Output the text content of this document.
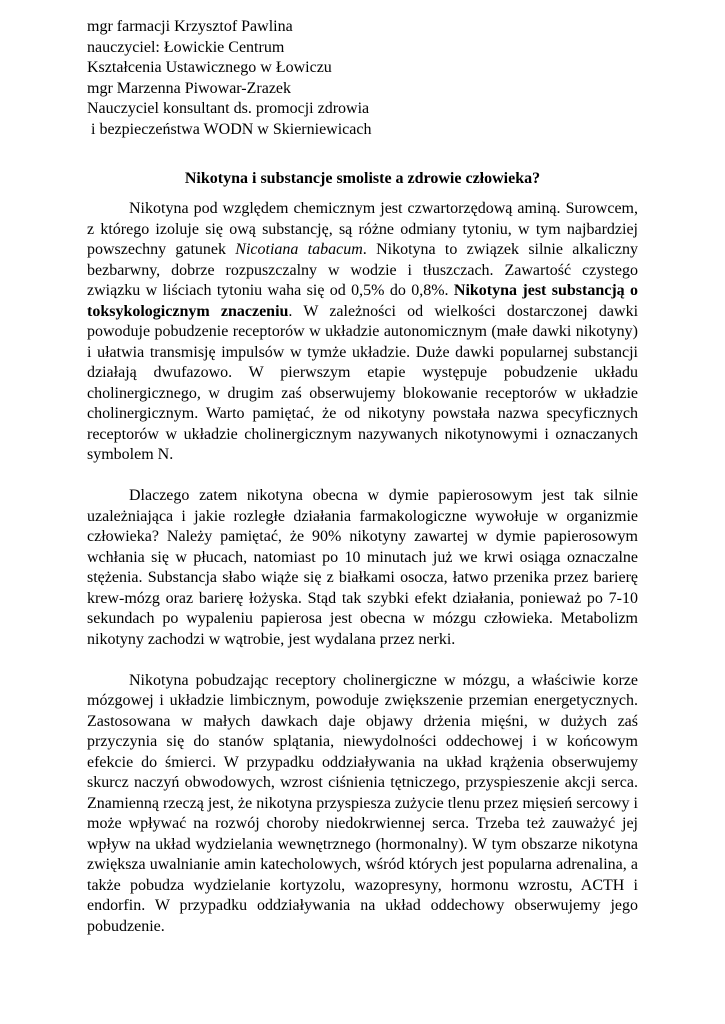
mgr farmacji Krzysztof Pawlina
nauczyciel: Łowickie Centrum
Kształcenia Ustawicznego w Łowiczu
mgr Marzenna Piwowar-Zrazek
Nauczyciel konsultant ds. promocji zdrowia
i bezpieczeństwa WODN w Skierniewicach
Nikotyna i substancje smoliste a zdrowie człowieka?

Nikotyna pod względem chemicznym jest czwartorzędową aminą. Surowcem, z którego izoluje się ową substancję, są różne odmiany tytoniu, w tym najbardziej powszechny gatunek Nicotiana tabacum. Nikotyna to związek silnie alkaliczny bezbarwny, dobrze rozpuszczalny w wodzie i tłuszczach. Zawartość czystego związku w liściach tytoniu waha się od 0,5% do 0,8%. Nikotyna jest substancją o toksykologicznym znaczeniu. W zależności od wielkości dostarczonej dawki powoduje pobudzenie receptorów w układzie autonomicznym (małe dawki nikotyny) i ułatwia transmisję impulsów w tymże układzie. Duże dawki popularnej substancji działają dwufazowo. W pierwszym etapie występuje pobudzenie układu cholinergicznego, w drugim zaś obserwujemy blokowanie receptorów w układzie cholinergicznym. Warto pamiętać, że od nikotyny powstała nazwa specyficznych receptorów w układzie cholinergicznym nazywanych nikotynowymi i oznaczanych symbolem N.

Dlaczego zatem nikotyna obecna w dymie papierosowym jest tak silnie uzależniająca i jakie rozległe działania farmakologiczne wywołuje w organizmie człowieka? Należy pamiętać, że 90% nikotyny zawartej w dymie papierosowym wchłania się w płucach, natomiast po 10 minutach już we krwi osiąga oznaczalne stężenia. Substancja słabo wiąże się z białkami osocza, łatwo przenika przez barierę krew-mózg oraz barierę łożyska. Stąd tak szybki efekt działania, ponieważ po 7-10 sekundach po wypaleniu papierosa jest obecna w mózgu człowieka. Metabolizm nikotyny zachodzi w wątrobie, jest wydalana przez nerki.

Nikotyna pobudzając receptory cholinergiczne w mózgu, a właściwie korze mózgowej i układzie limbicznym, powoduje zwiększenie przemian energetycznych. Zastosowana w małych dawkach daje objawy drżenia mięśni, w dużych zaś przyczynia się do stanów splątania, niewydolności oddechowej i w końcowym efekcie do śmierci. W przypadku oddziaływania na układ krążenia obserwujemy skurcz naczyń obwodowych, wzrost ciśnienia tętniczego, przyspieszenie akcji serca. Znamienną rzeczą jest, że nikotyna przyspiesza zużycie tlenu przez mięsień sercowy i może wpływać na rozwój choroby niedokrwiennej serca. Trzeba też zauważyć jej wpływ na układ wydzielania wewnętrznego (hormonalny). W tym obszarze nikotyna zwiększa uwalnianie amin katecholowych, wśród których jest popularna adrenalina, a także pobudza wydzielanie kortyzolu, wazopresyny, hormonu wzrostu, ACTH i endorfin. W przypadku oddziaływania na układ oddechowy obserwujemy jego pobudzenie.
